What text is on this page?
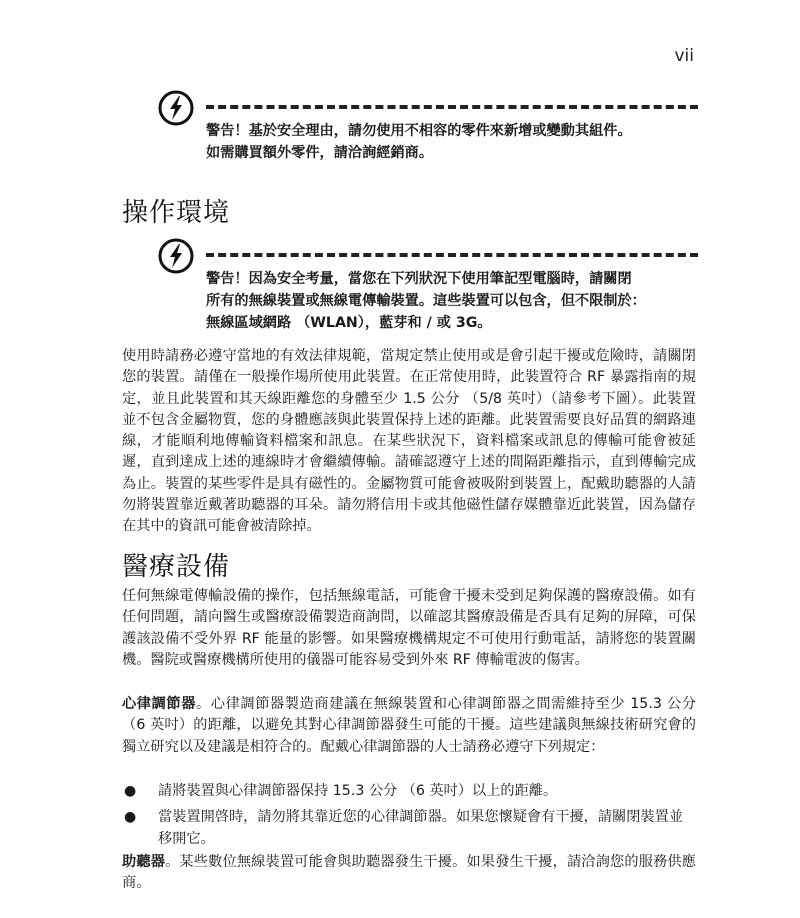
vii

警告！基於安全理由，請勿使用不相容的零件來新增或變動其組件。

如需購買額外零件，請洽詢經銷商。

操作環境

警告！因為安全考量，當您在下列狀況下使用筆記型電腦時，請關閉

所有的無線裝置或無線電傳輸裝置。這些裝置可以包含，但不限制於：

無線區域網路 （WLAN），藍芽和 / 或 3G。

使用時請務必遵守當地的有效法律規範，當規定禁止使用或是會引起干擾或危險時，請關閉您的裝置。請僅在一般操作場所使用此裝置。在正常使用時，此裝置符合 RF 暴露指南的規定，並且此裝置和其天線距離您的身體至少 1.5 公分 （5/8 英吋）（請參考下圖）。此裝置並不包含金屬物質，您的身體應該與此裝置保持上述的距離。此裝置需要良好品質的網路連線，才能順利地傳輸資料檔案和訊息。在某些狀況下，資料檔案或訊息的傳輸可能會被延遲，直到達成上述的連線時才會繼續傳輸。請確認遵守上述的間隔距離指示，直到傳輸完成為止。裝置的某些零件是具有磁性的。金屬物質可能會被吸附到裝置上，配戴助聽器的人請勿將裝置靠近戴著助聽器的耳朵。請勿將信用卡或其他磁性儲存媒體靠近此裝置，因為儲存在其中的資訊可能會被清除掉。

醫療設備

任何無線電傳輸設備的操作，包括無線電話，可能會干擾未受到足夠保護的醫療設備。如有任何問題，請向醫生或醫療設備製造商詢問，以確認其醫療設備是否具有足夠的屏障，可保護該設備不受外界 RF 能量的影響。如果醫療機構規定不可使用行動電話，請將您的裝置關機。醫院或醫療機構所使用的儀器可能容易受到外來 RF 傳輸電波的傷害。

心律調節器。心律調節器製造商建議在無線裝置和心律調節器之間需維持至少 15.3 公分 （6 英吋）的距離，以避免其對心律調節器發生可能的干擾。這些建議與無線技術研究會的獨立研究以及建議是相符合的。配戴心律調節器的人士請務必遵守下列規定：

● 請將裝置與心律調節器保持 15.3 公分 （6 英吋）以上的距離。
● 當裝置開啓時，請勿將其靠近您的心律調節器。如果您懷疑會有干擾，請關閉裝置並移開它。

助聽器。某些數位無線裝置可能會與助聽器發生干擾。如果發生干擾，請洽詢您的服務供應商。
